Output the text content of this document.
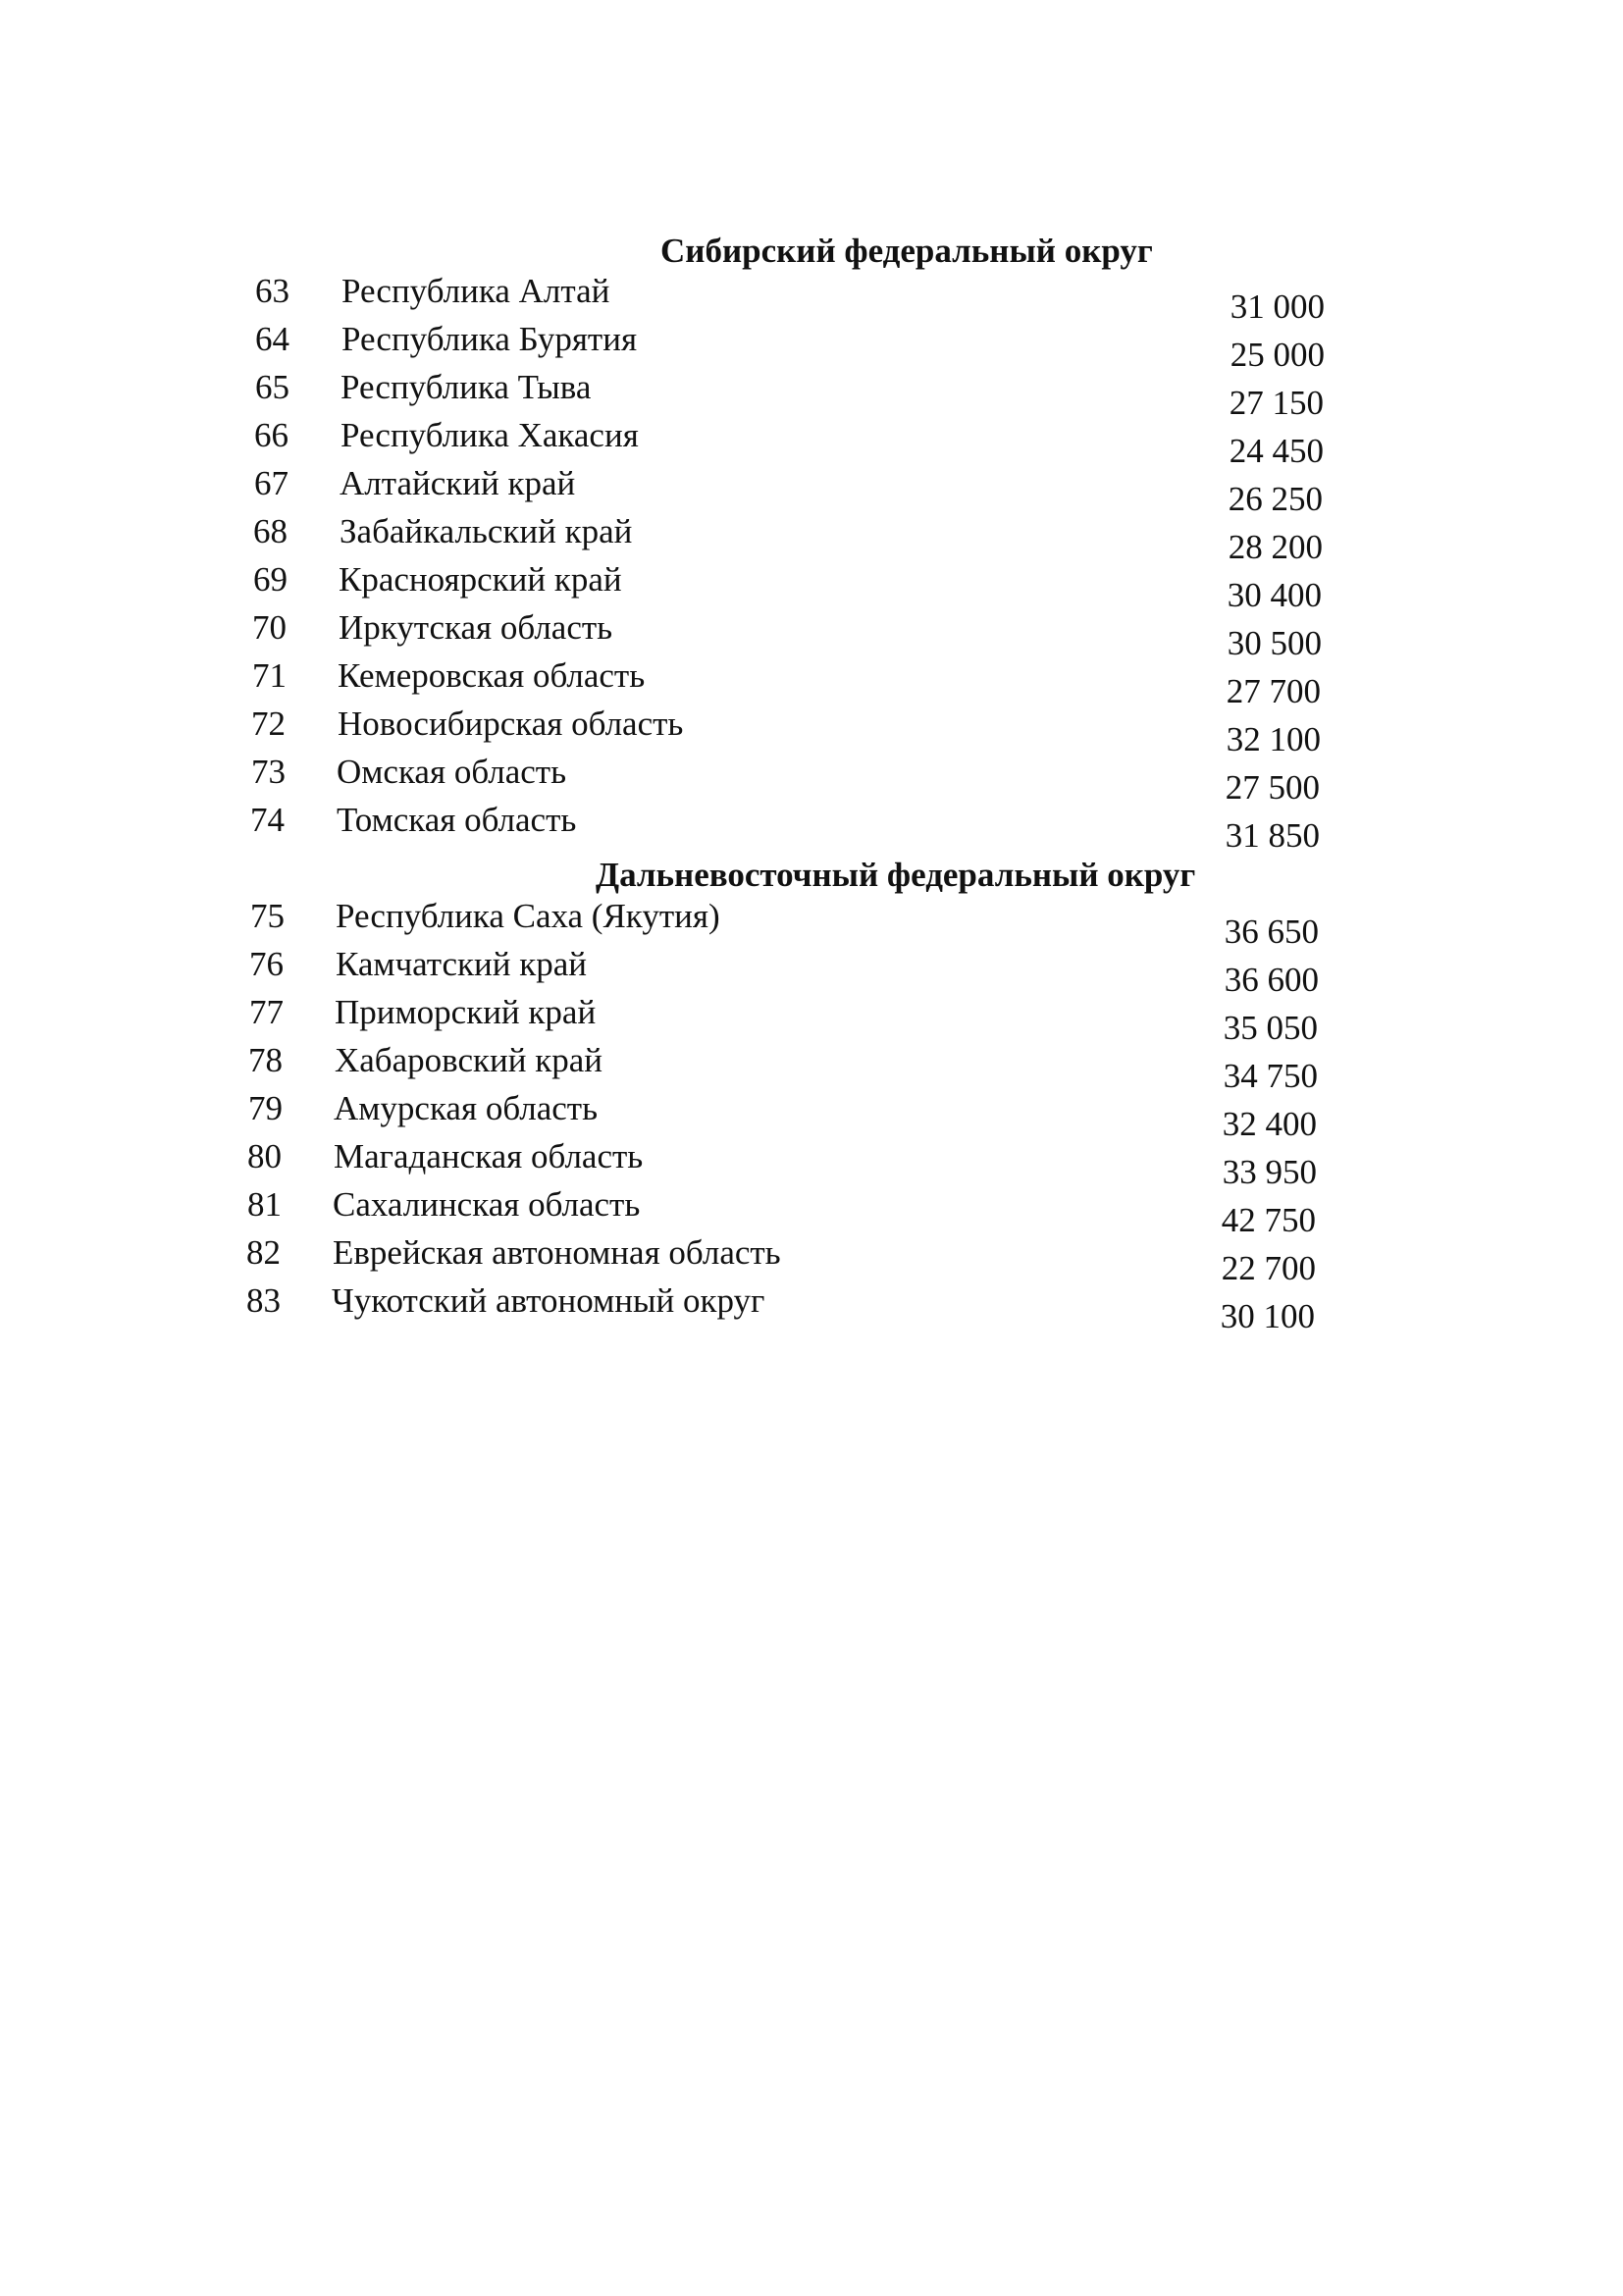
Сибирский федеральный округ
63 Республика Алтай	31 000
64 Республика Бурятия	25 000
65 Республика Тыва	27 150
66 Республика Хакасия	24 450
67 Алтайский край	26 250
68 Забайкальский край	28 200
69 Красноярский край	30 400
70 Иркутская область	30 500
71 Кемеровская область	27 700
72 Новосибирская область	32 100
73 Омская область	27 500
74 Томская область	31 850
Дальневосточный федеральный округ
75 Республика Саха (Якутия)	36 650
76 Камчатский край	36 600
77 Приморский край	35 050
78 Хабаровский край	34 750
79 Амурская область	32 400
80 Магаданская область	33 950
81 Сахалинская область	42 750
82 Еврейская автономная область	22 700
83 Чукотский автономный округ	30 100
